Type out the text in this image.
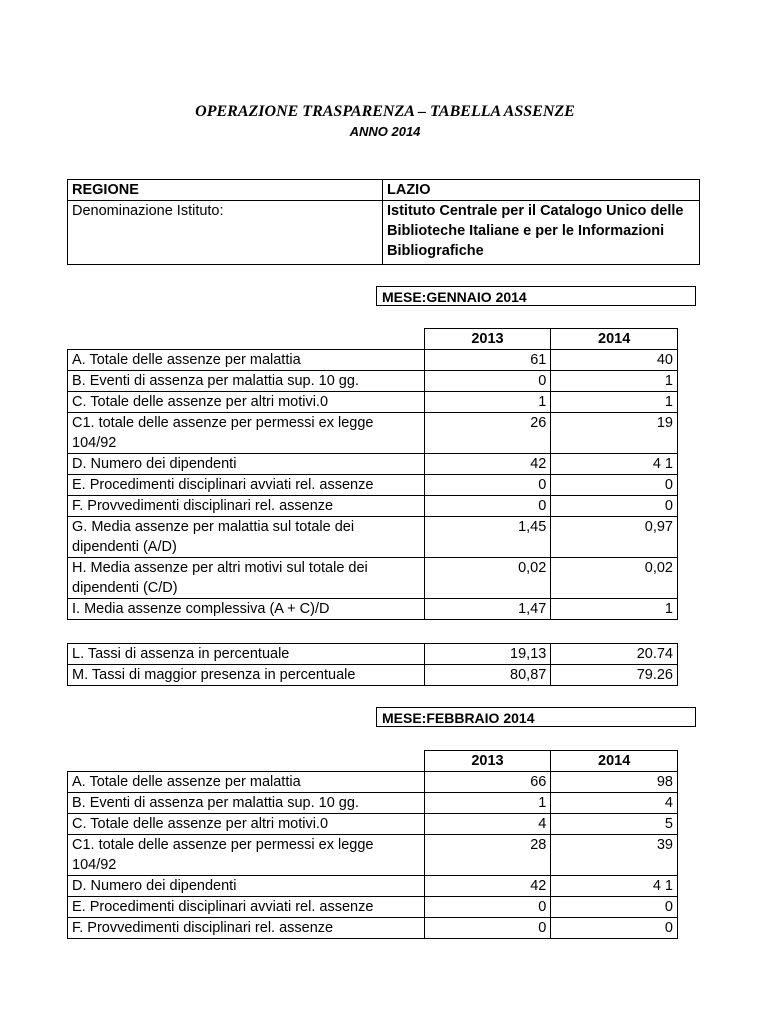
OPERAZIONE TRASPARENZA – TABELLA ASSENZE
ANNO 2014
REGIONE	LAZIO
Denominazione Istituto:	Istituto Centrale per il Catalogo Unico delle Biblioteche Italiane e per le Informazioni Bibliografiche
MESE:GENNAIO 2014
	2013	2014
A. Totale delle assenze per malattia	61	40
B. Eventi di assenza per malattia sup. 10 gg.	0	1
C. Totale delle assenze per altri motivi.0	1	1
C1. totale delle assenze per permessi ex legge 104/92	26	19
D. Numero dei dipendenti	42	4 1
E. Procedimenti disciplinari avviati rel. assenze	0	0
F. Provvedimenti disciplinari rel. assenze	0	0
G. Media assenze per malattia sul totale dei dipendenti (A/D)	1,45	0,97
H. Media assenze per altri motivi sul totale dei dipendenti (C/D)	0,02	0,02
I. Media assenze complessiva (A + C)/D	1,47	1
L. Tassi di assenza in percentuale	19,13	20.74
M. Tassi di maggior presenza in percentuale	80,87	79.26
MESE:FEBBRAIO 2014
	2013	2014
A. Totale delle assenze per malattia	66	98
B. Eventi di assenza per malattia sup. 10 gg.	1	4
C. Totale delle assenze per altri motivi.0	4	5
C1. totale delle assenze per permessi ex legge 104/92	28	39
D. Numero dei dipendenti	42	4 1
E. Procedimenti disciplinari avviati rel. assenze	0	0
F. Provvedimenti disciplinari rel. assenze	0	0
